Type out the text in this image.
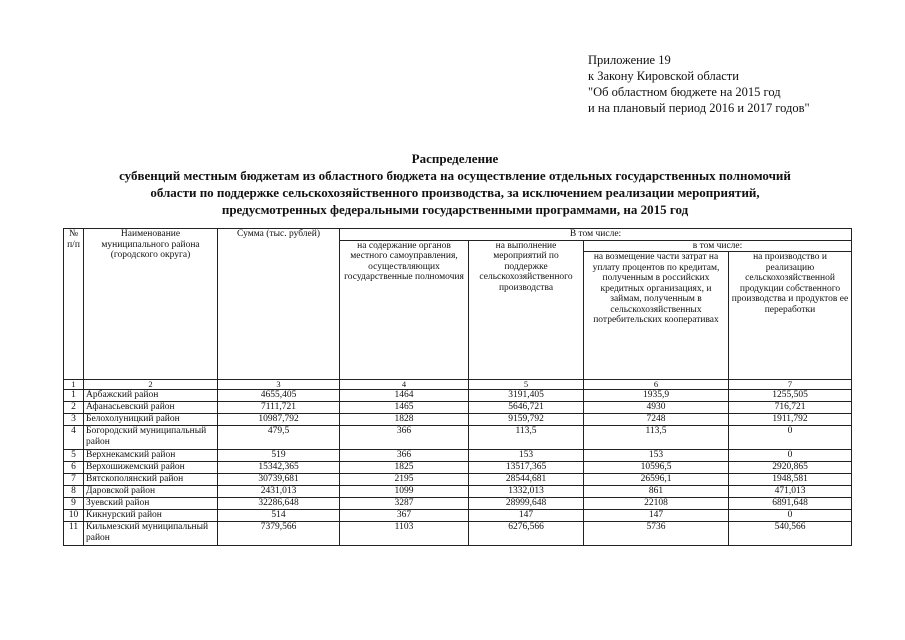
Приложение 19
к Закону Кировской области
"Об областном бюджете на 2015 год
и на плановый период 2016 и 2017 годов"
Распределение
субвенций местным бюджетам из областного бюджета на осуществление отдельных государственных полномочий
области по поддержке сельскохозяйственного производства, за исключением реализации мероприятий,
предусмотренных федеральными государственными программами, на 2015 год
№ п/п	Наименование муниципального района (городского округа)	Сумма (тыс. рублей)	В том числе:			
			на содержание органов местного самоуправления, осуществляющих государственные полномочия	на выполнение мероприятий по поддержке сельскохозяйственного производства	в том числе:	
					на возмещение части затрат на уплату процентов по кредитам, полученным в российских кредитных организациях, и займам, полученным в сельскохозяйственных потребительских кооперативах	на производство и реализацию сельскохозяйственной продукции собственного производства и продуктов ее переработки
1	2	3	4	5	6	7
1	Арбажский район	4655,405	1464	3191,405	1935,9	1255,505
2	Афанасьевский район	7111,721	1465	5646,721	4930	716,721
3	Белохолуницкий район	10987,792	1828	9159,792	7248	1911,792
4	Богородский муниципальный район	479,5	366	113,5	113,5	0
5	Верхнекамский район	519	366	153	153	0
6	Верхошижемский район	15342,365	1825	13517,365	10596,5	2920,865
7	Вятскополянский район	30739,681	2195	28544,681	26596,1	1948,581
8	Даровской район	2431,013	1099	1332,013	861	471,013
9	Зуевский район	32286,648	3287	28999,648	22108	6891,648
10	Кикнурский район	514	367	147	147	0
11	Кильмезский муниципальный район	7379,566	1103	6276,566	5736	540,566
